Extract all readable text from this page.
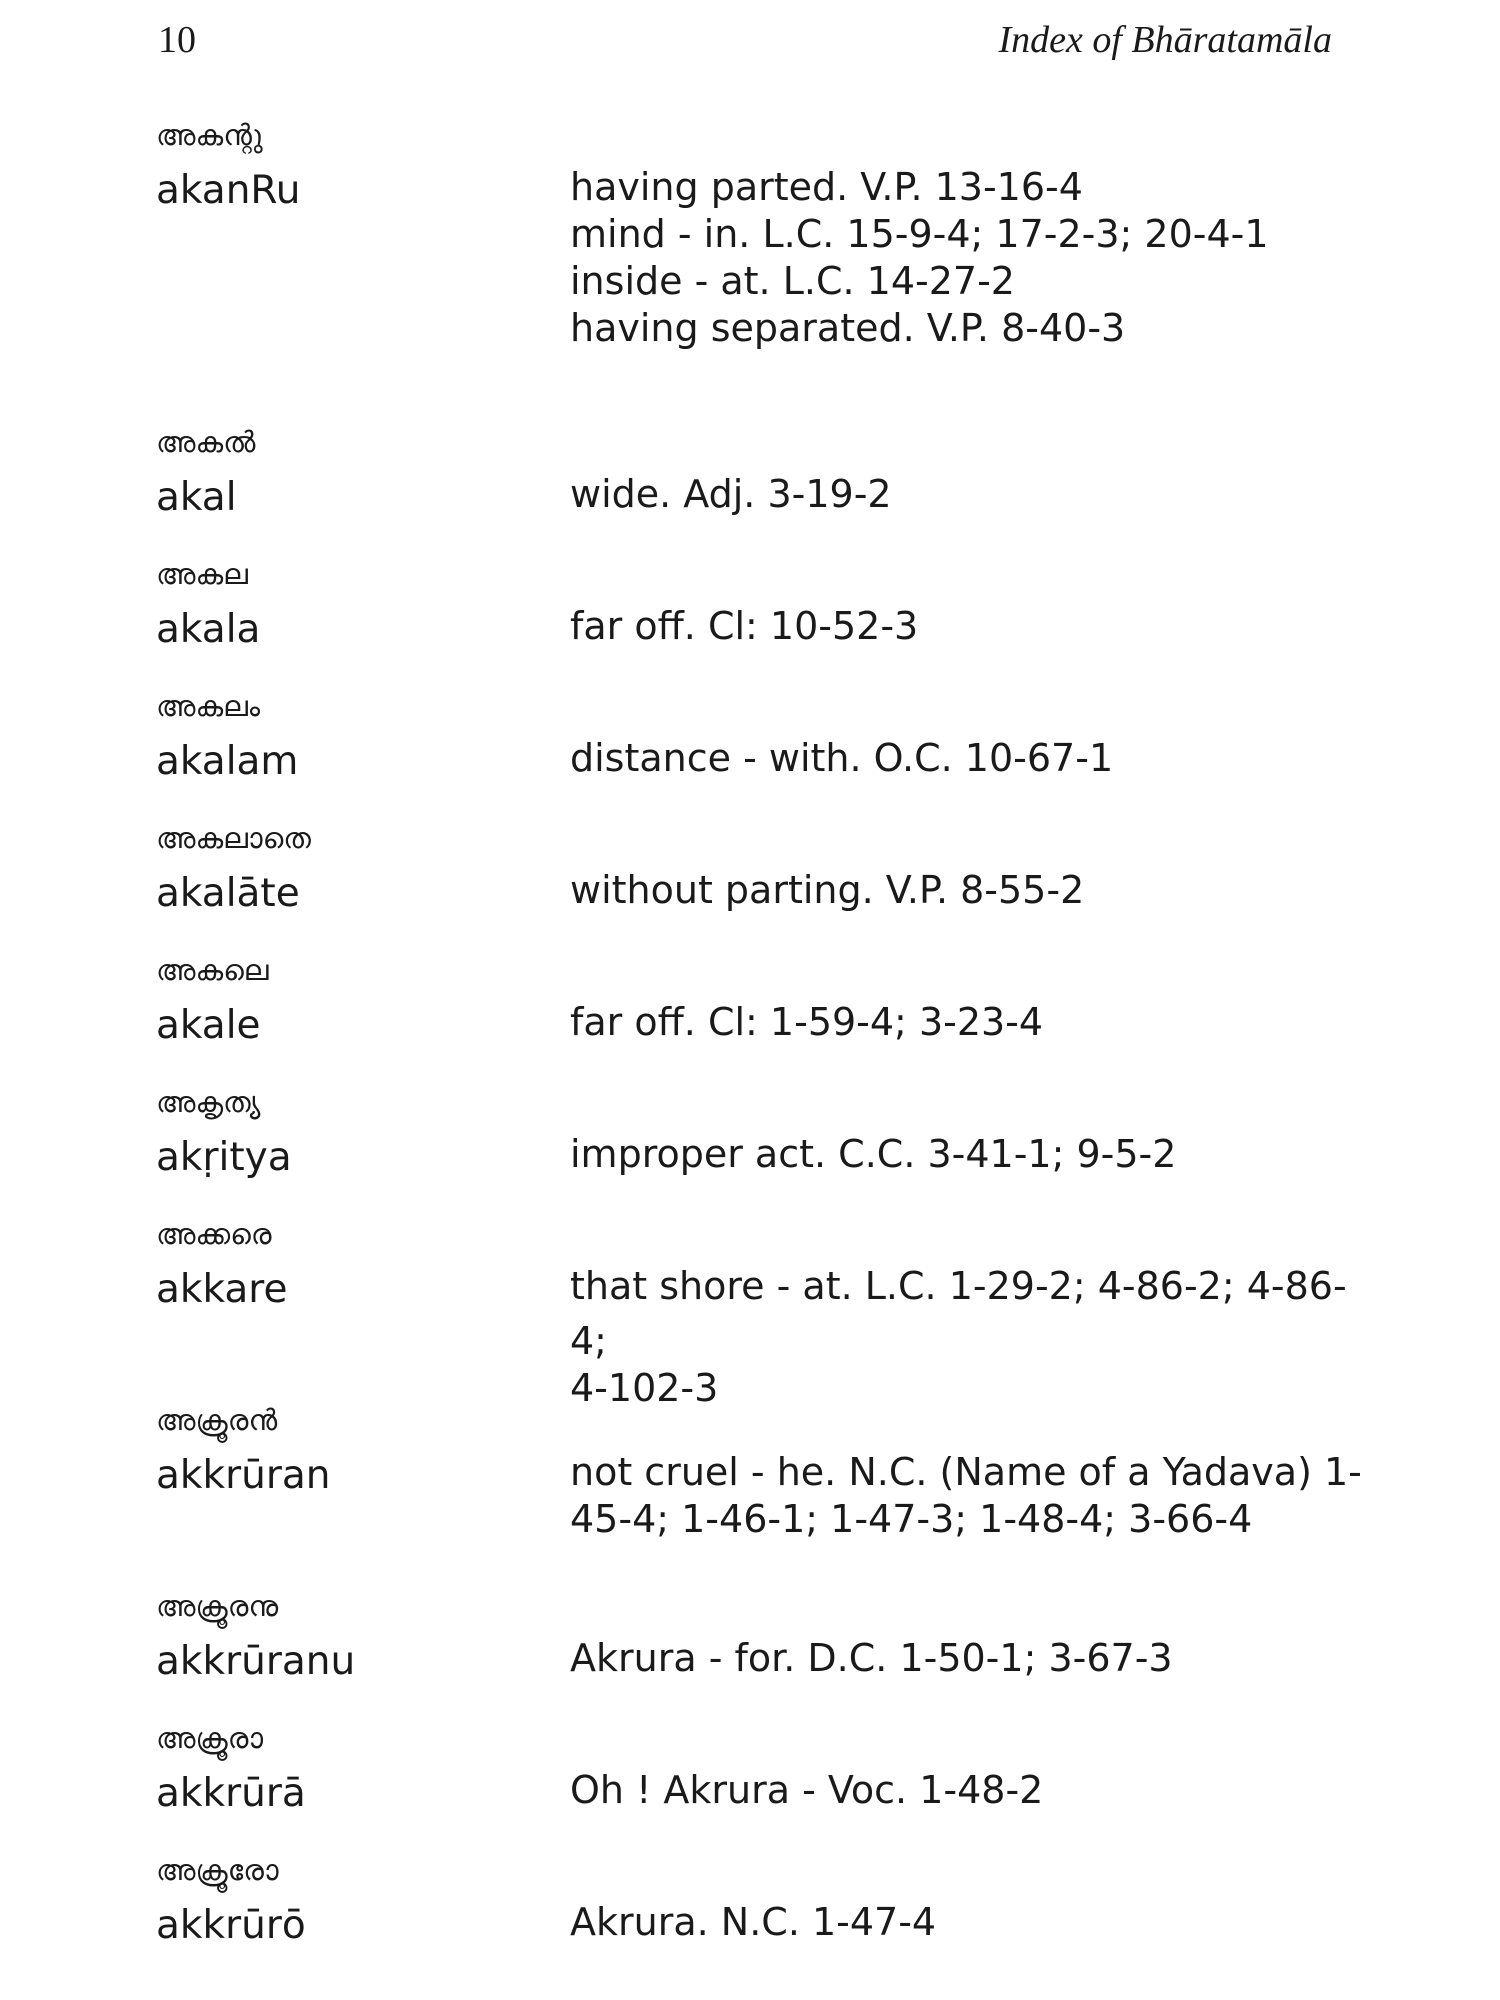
10	Index of Bhāratamāla
അകന്റു
akanRu	having parted. V.P. 13-16-4
mind - in. L.C. 15-9-4; 17-2-3; 20-4-1
inside - at. L.C. 14-27-2
having separated. V.P. 8-40-3
അകൽ
akal	wide. Adj. 3-19-2
അകല
akala	far off. Cl: 10-52-3
അകലം
akalam	distance - with. O.C. 10-67-1
അകലാതെ
akalāte	without parting. V.P. 8-55-2
അകലെ
akale	far off. Cl: 1-59-4; 3-23-4
അകൃത്യ
akṛitya	improper act. C.C. 3-41-1; 9-5-2
അക്കരെ
akkare	that shore - at. L.C. 1-29-2; 4-86-2; 4-86-4;
4-102-3
അക്രൂരൻ
akkrūran	not cruel - he. N.C. (Name of a Yadava) 1-
45-4; 1-46-1; 1-47-3; 1-48-4; 3-66-4
അക്രൂരനു
akkrūranu	Akrura - for. D.C. 1-50-1; 3-67-3
അക്രൂരാ
akkrūrā	Oh ! Akrura - Voc. 1-48-2
അക്രൂരോ
akkrūrō	Akrura. N.C. 1-47-4
